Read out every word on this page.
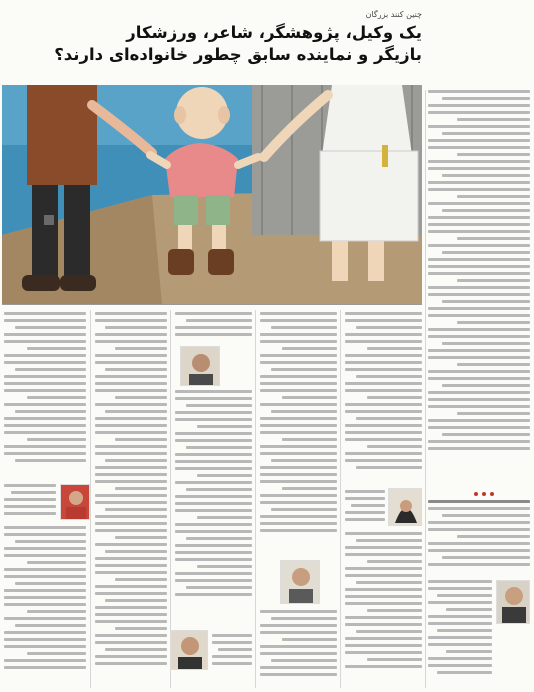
چنین کنند بزرگان
یک وکیل، پژوهشگر، شاعر، ورزشکار
بازیگر و نماینده سابق چطور خانواده‌ای دارند؟
